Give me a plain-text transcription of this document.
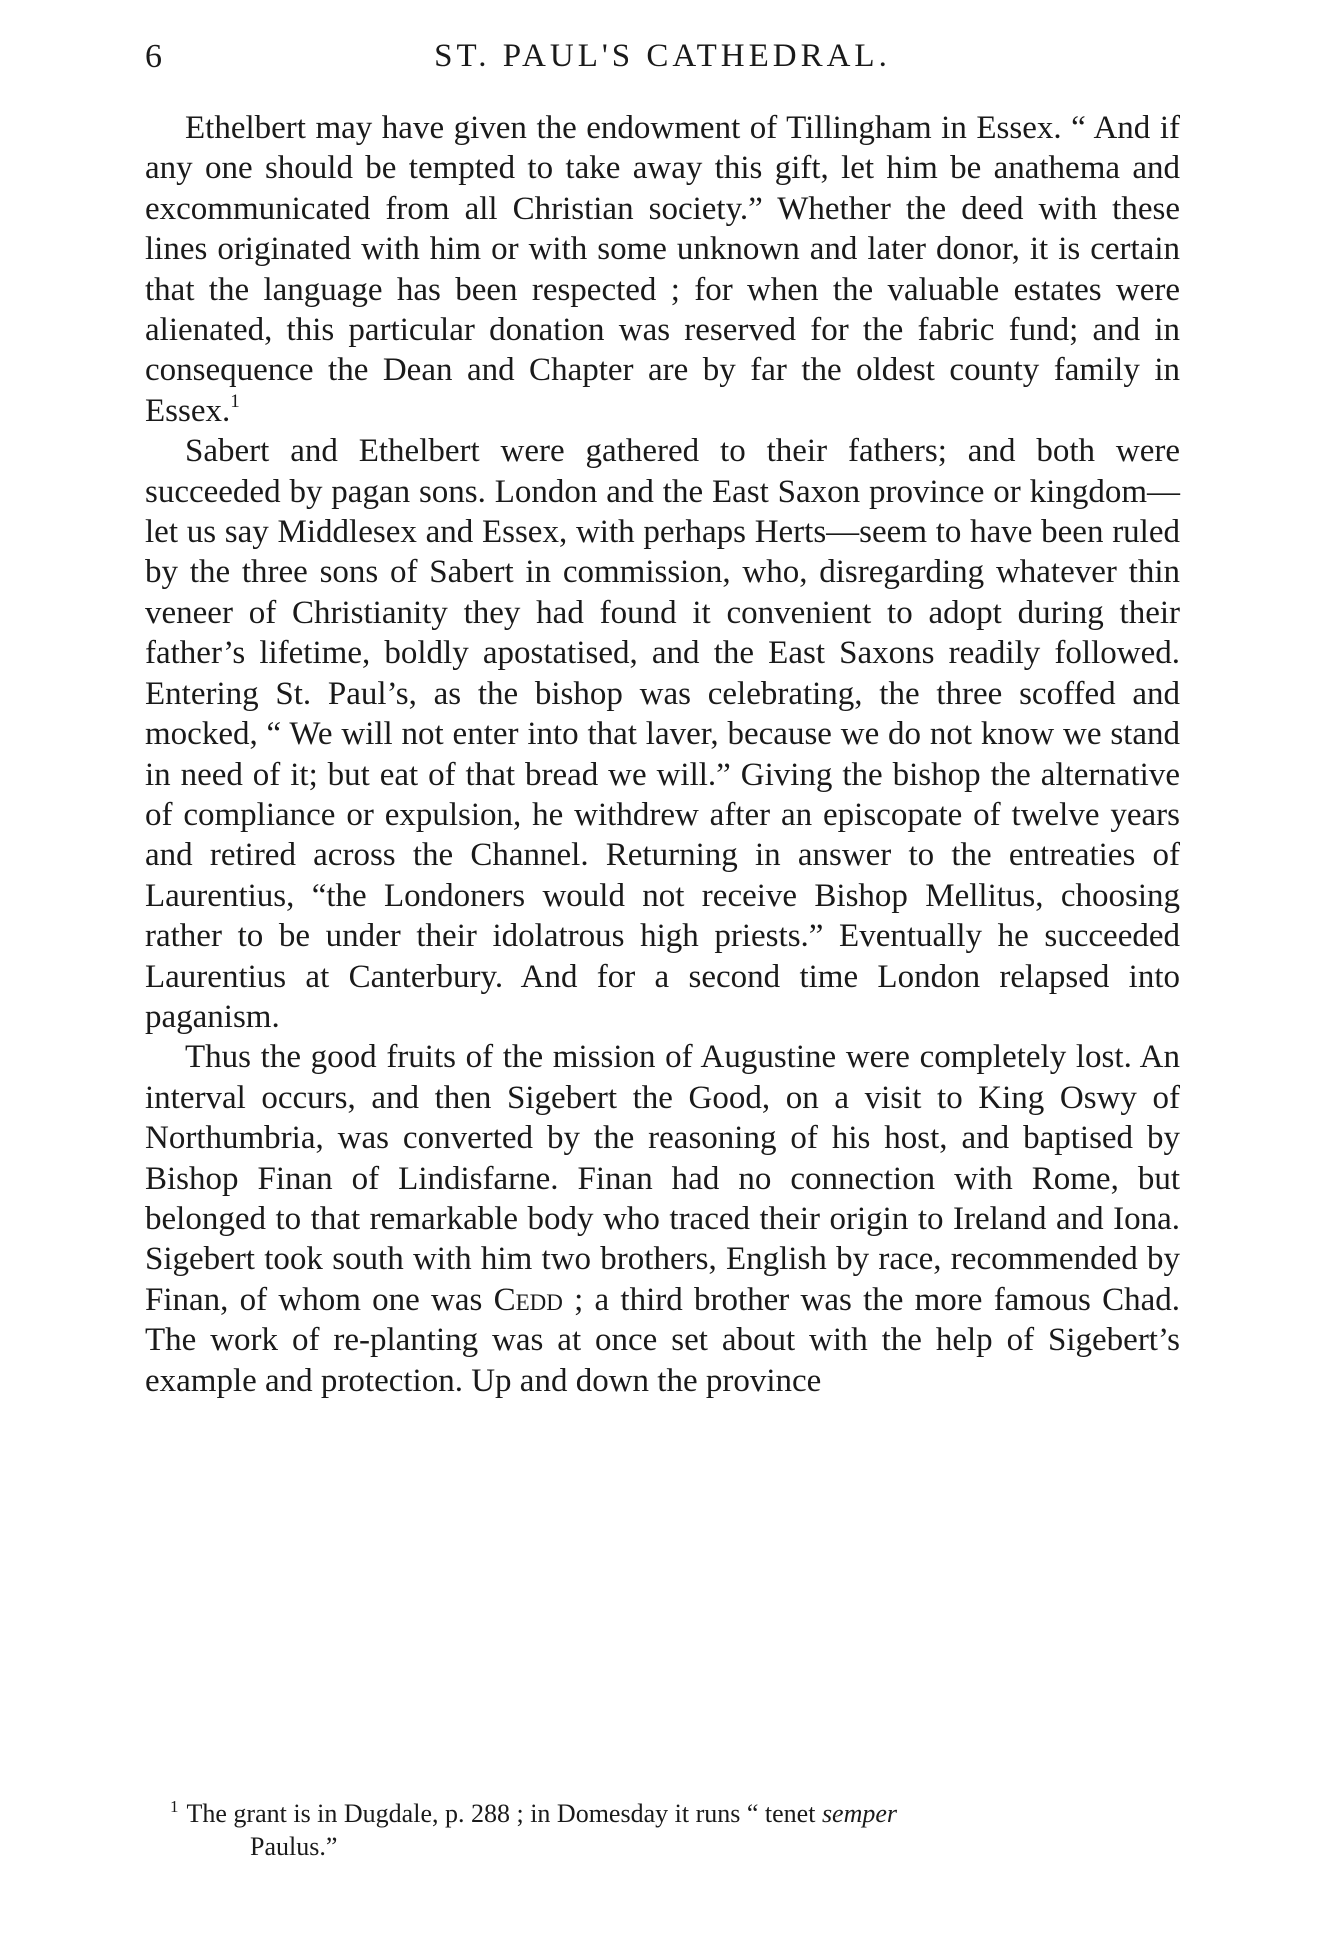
6	ST. PAUL'S CATHEDRAL.

Ethelbert may have given the endowment of Tillingham in Essex. “ And if any one should be tempted to take away this gift, let him be anathema and excommunicated from all Christian society.” Whether the deed with these lines originated with him or with some unknown and later donor, it is certain that the language has been respected ; for when the valuable estates were alienated, this particular donation was reserved for the fabric fund; and in consequence the Dean and Chapter are by far the oldest county family in Essex.$^1$

Sabert and Ethelbert were gathered to their fathers; and both were succeeded by pagan sons. London and the East Saxon province or kingdom—let us say Middlesex and Essex, with perhaps Herts—seem to have been ruled by the three sons of Sabert in commission, who, disregarding whatever thin veneer of Christianity they had found it convenient to adopt during their father’s lifetime, boldly apostatised, and the East Saxons readily followed. Entering St. Paul’s, as the bishop was celebrating, the three scoffed and mocked, “ We will not enter into that laver, because we do not know we stand in need of it; but eat of that bread we will.” Giving the bishop the alternative of compliance or expulsion, he withdrew after an episcopate of twelve years and retired across the Channel. Returning in answer to the entreaties of Laurentius, “the Londoners would not receive Bishop Mellitus, choosing rather to be under their idolatrous high priests.” Eventually he succeeded Laurentius at Canterbury. And for a second time London relapsed into paganism.

Thus the good fruits of the mission of Augustine were completely lost. An interval occurs, and then Sigebert the Good, on a visit to King Oswy of Northumbria, was converted by the reasoning of his host, and baptised by Bishop Finan of Lindisfarne. Finan had no connection with Rome, but belonged to that remarkable body who traced their origin to Ireland and Iona. Sigebert took south with him two brothers, English by race, recommended by Finan, of whom one was Cedd ; a third brother was the more famous Chad. The work of re-planting was at once set about with the help of Sigebert’s example and protection. Up and down the province

$^1$ The grant is in Dugdale, p. 288 ; in Domesday it runs “ tenet semper
Paulus.”
